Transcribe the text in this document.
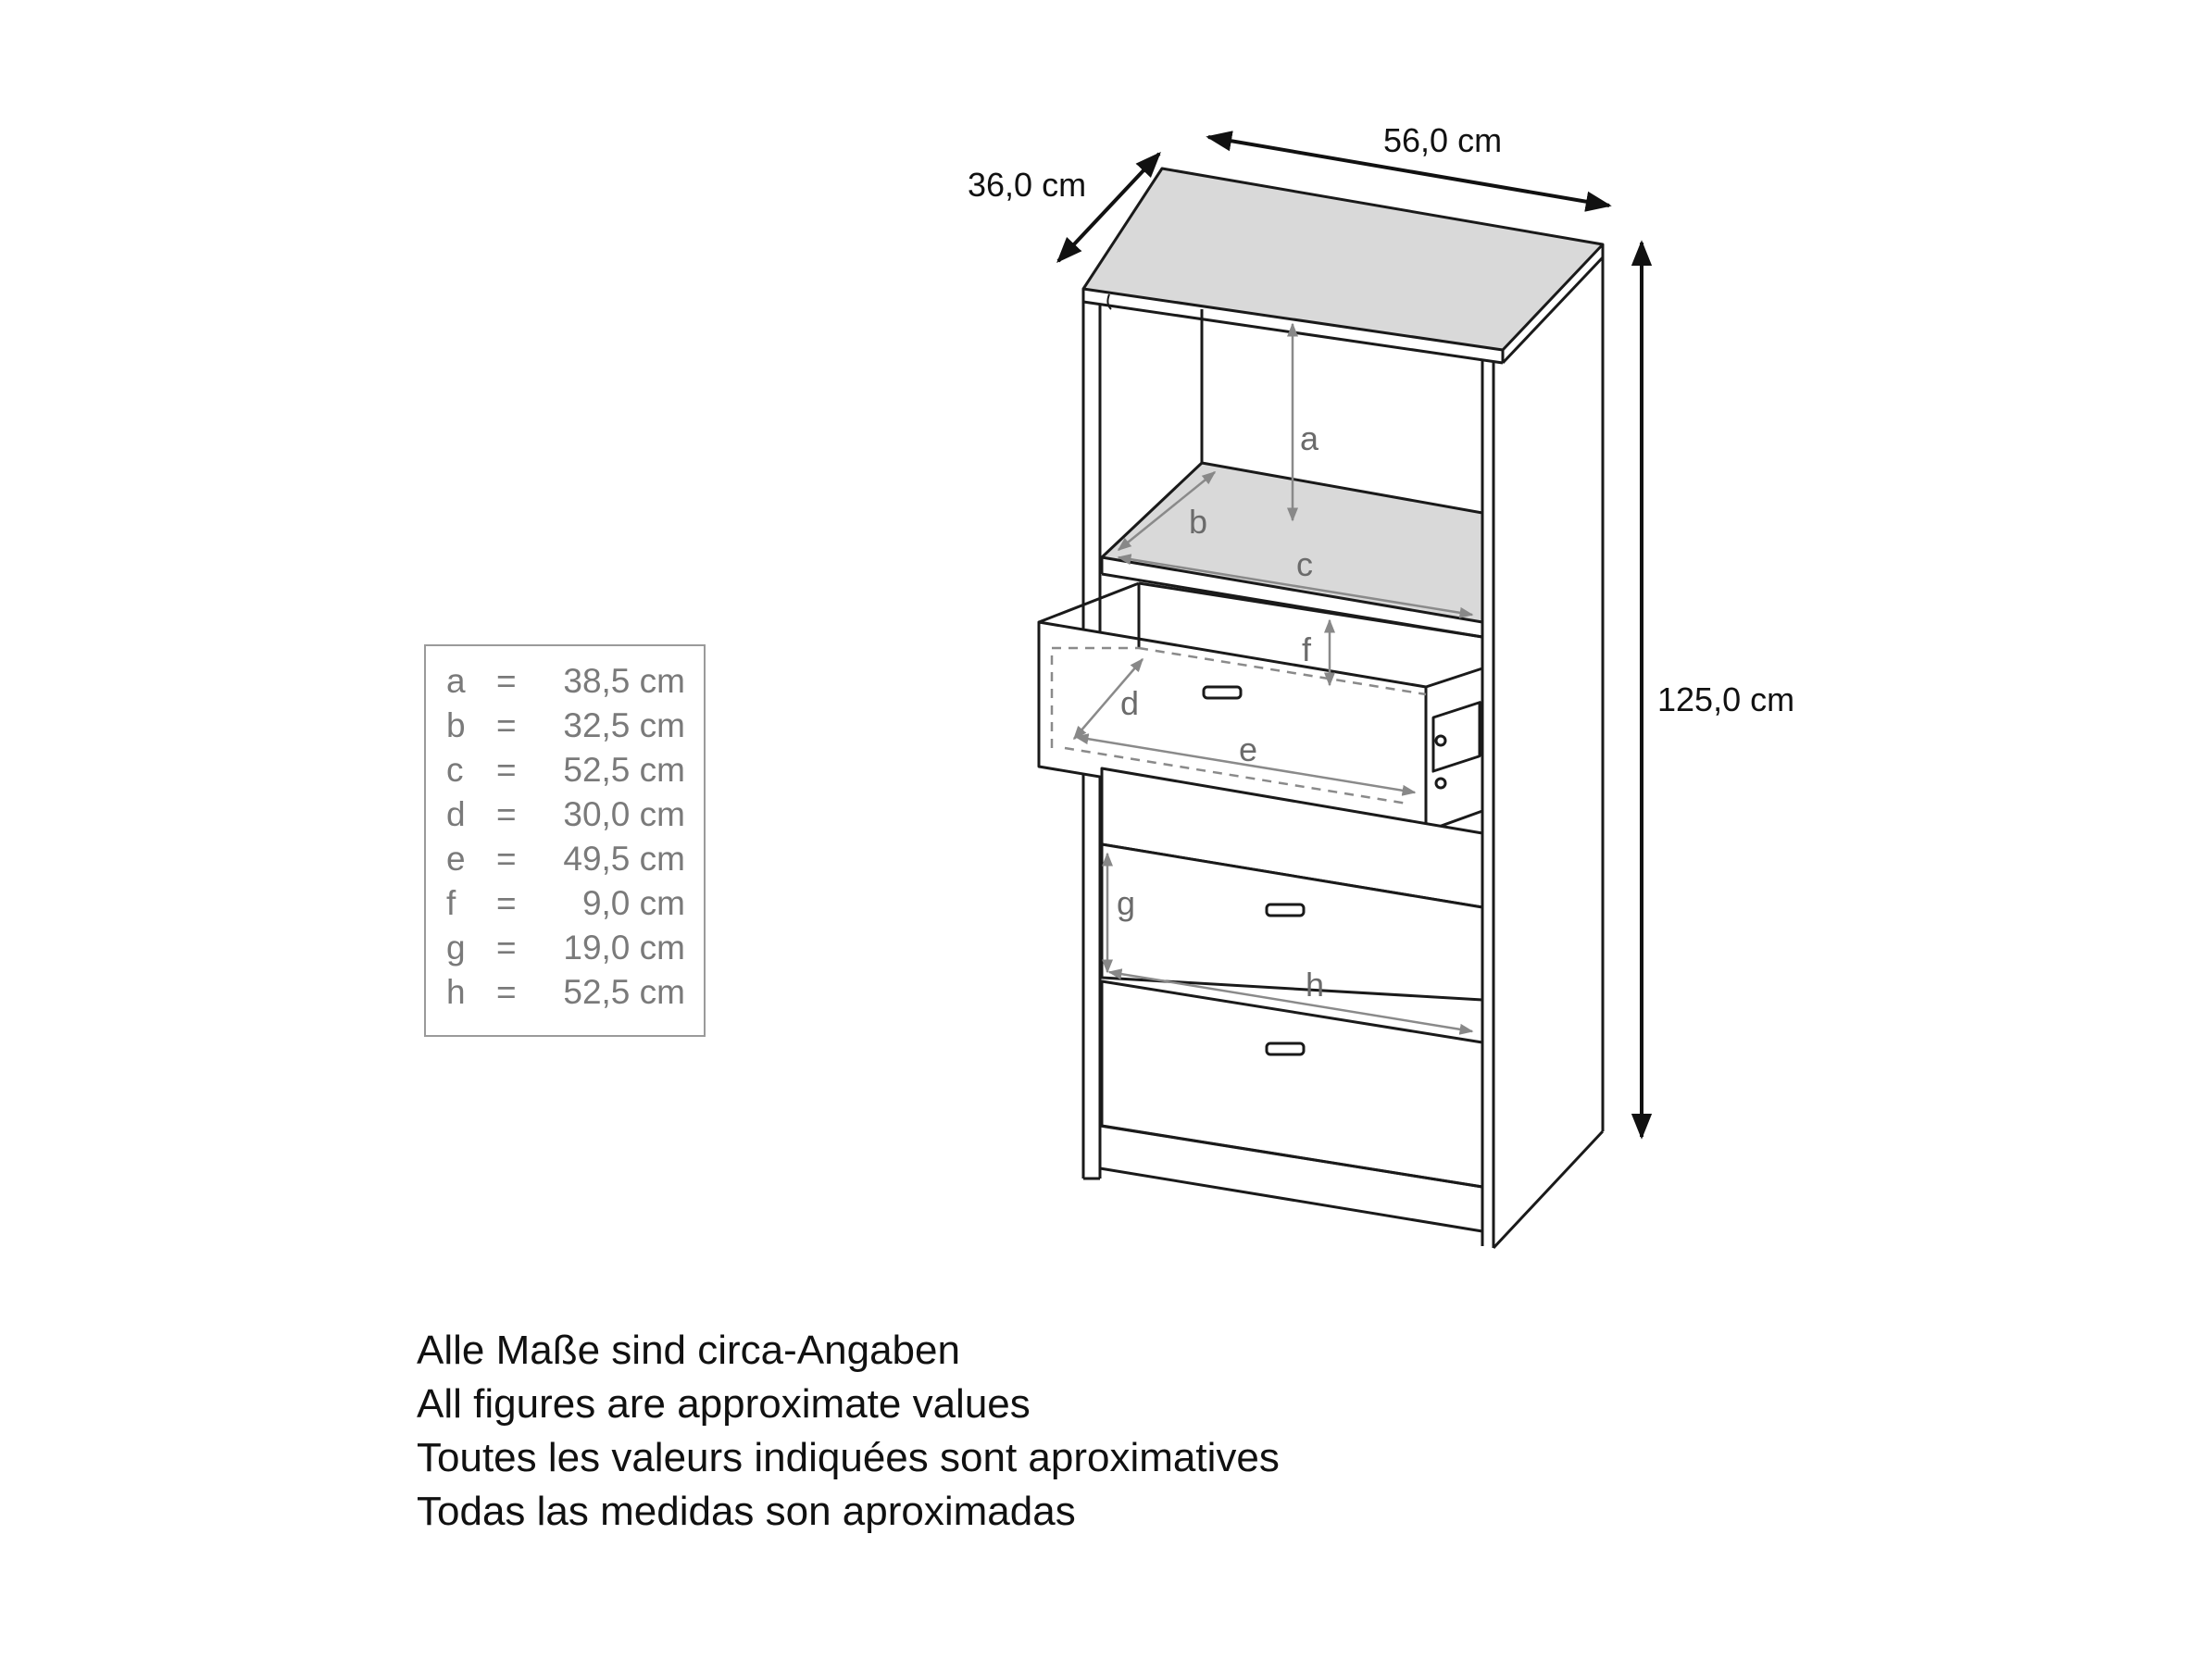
56,0 cm
36,0 cm
125,0 cm
a
b
c
d
e
f
g
h
a = 38,5 cm
b = 32,5 cm
c = 52,5 cm
d = 30,0 cm
e = 49,5 cm
f = 9,0 cm
g = 19,0 cm
h = 52,5 cm
Alle Maße sind circa-Angaben
All figures are approximate values
Toutes les valeurs indiquées sont aproximatives
Todas las medidas son aproximadas
